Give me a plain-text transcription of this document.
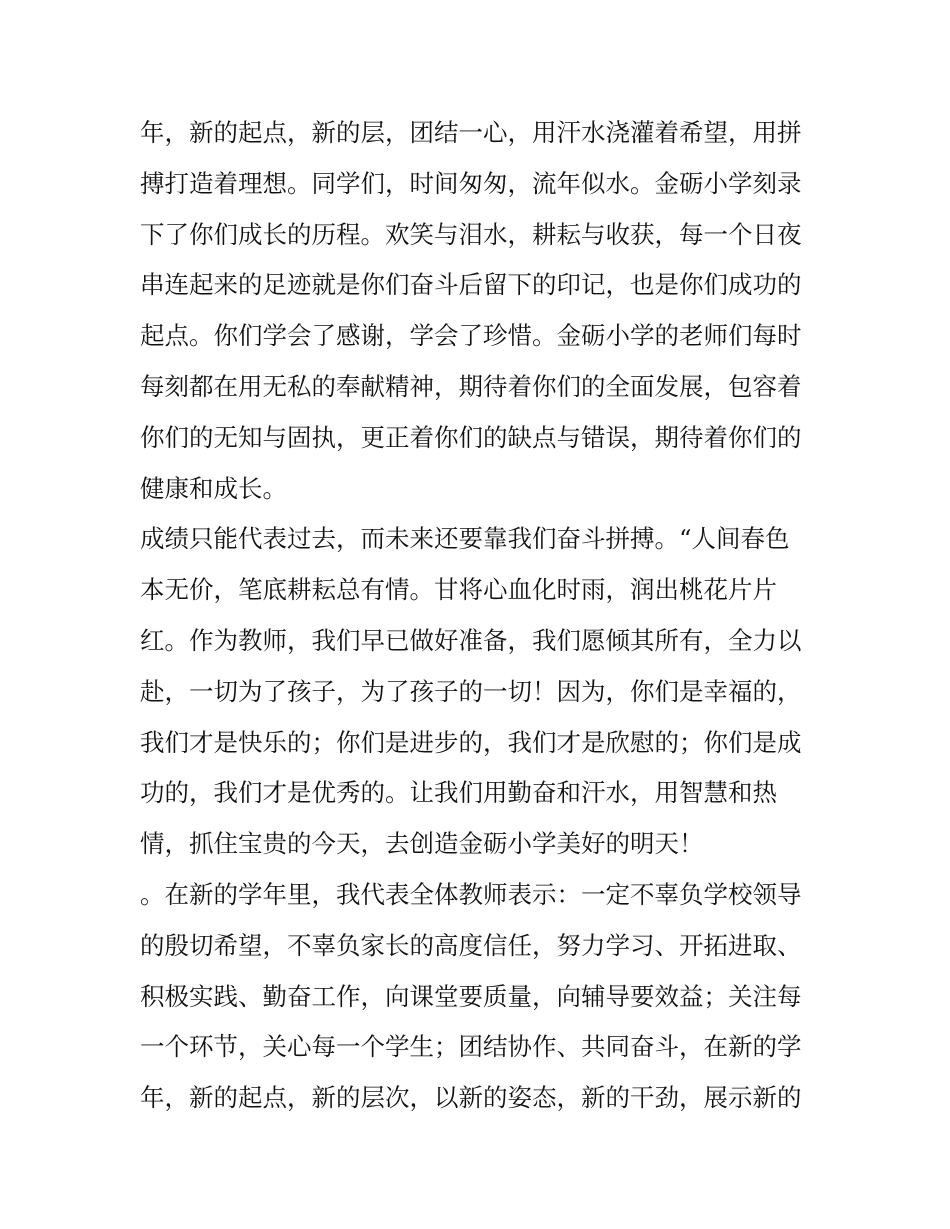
年，新的起点，新的层，团结一心，用汗水浇灌着希望，用拼
搏打造着理想。同学们，时间匆匆，流年似水。金砺小学刻录
下了你们成长的历程。欢笑与泪水，耕耘与收获，每一个日夜
串连起来的足迹就是你们奋斗后留下的印记，也是你们成功的
起点。你们学会了感谢，学会了珍惜。金砺小学的老师们每时
每刻都在用无私的奉献精神，期待着你们的全面发展，包容着
你们的无知与固执，更正着你们的缺点与错误，期待着你们的
健康和成长。
成绩只能代表过去，而未来还要靠我们奋斗拼搏。“人间春色
本无价，笔底耕耘总有情。甘将心血化时雨，润出桃花片片
红。作为教师，我们早已做好准备，我们愿倾其所有，全力以
赴，一切为了孩子，为了孩子的一切！因为，你们是幸福的，
我们才是快乐的；你们是进步的，我们才是欣慰的；你们是成
功的，我们才是优秀的。让我们用勤奋和汗水，用智慧和热
情，抓住宝贵的今天，去创造金砺小学美好的明天！
。在新的学年里，我代表全体教师表示：一定不辜负学校领导
的殷切希望，不辜负家长的高度信任，努力学习、开拓进取、
积极实践、勤奋工作，向课堂要质量，向辅导要效益；关注每
一个环节，关心每一个学生；团结协作、共同奋斗，在新的学
年，新的起点，新的层次，以新的姿态，新的干劲，展示新的
